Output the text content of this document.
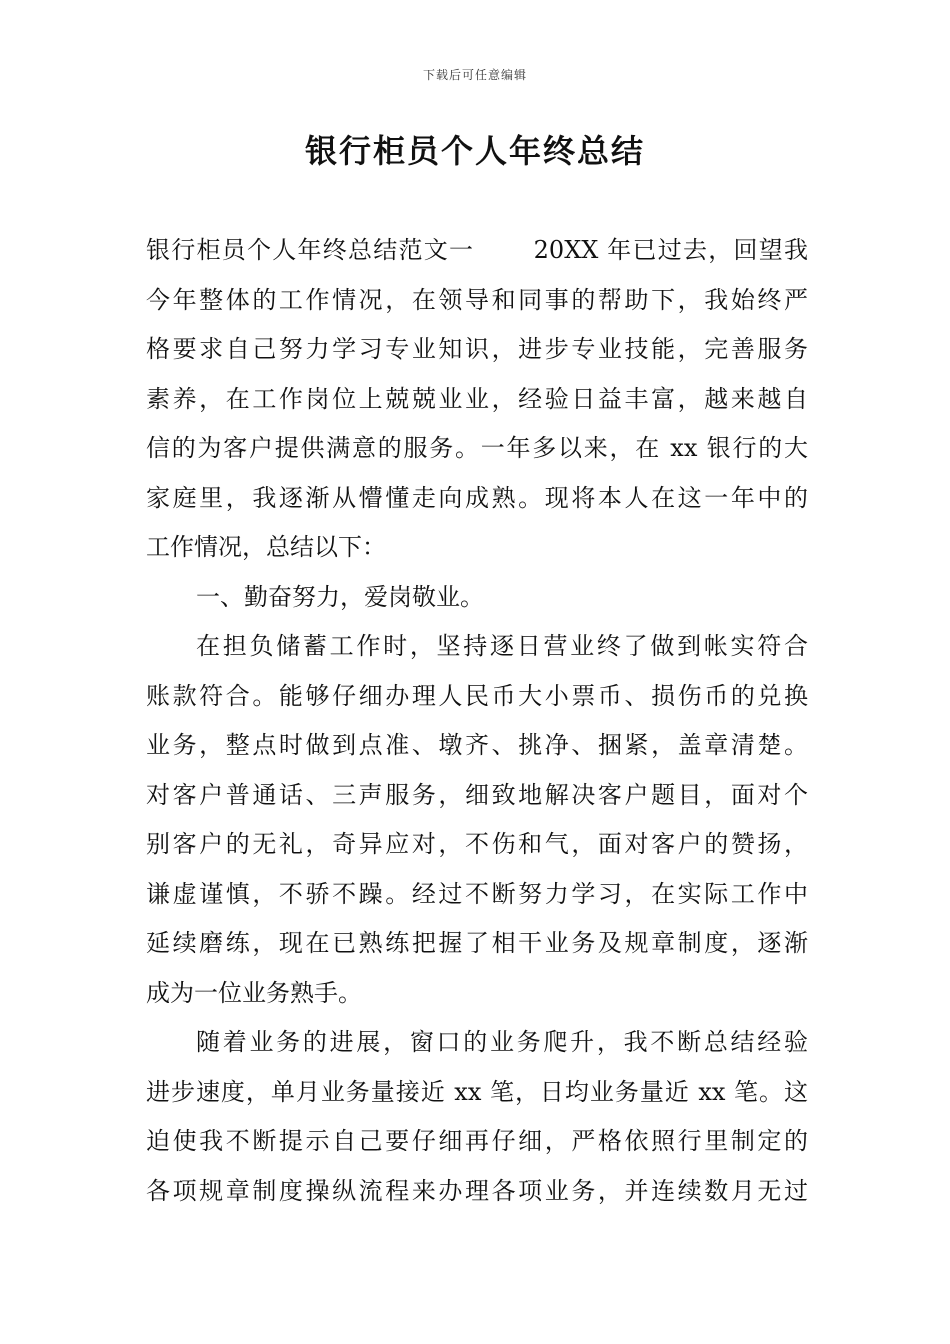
下载后可任意编辑
银行柜员个人年终总结
银行柜员个人年终总结范文一　　 20XX 年已过去，回望我
今年整体的工作情况，在领导和同事的帮助下，我始终严
格要求自己努力学习专业知识，进步专业技能，完善服务
素养，在工作岗位上兢兢业业，经验日益丰富，越来越自
信的为客户提供满意的服务。一年多以来，在 xx 银行的大
家庭里，我逐渐从懵懂走向成熟。现将本人在这一年中的
工作情况，总结以下：
一、勤奋努力，爱岗敬业。
在担负储蓄工作时，坚持逐日营业终了做到帐实符合
账款符合。能够仔细办理人民币大小票币、损伤币的兑换
业务，整点时做到点准、墩齐、挑净、捆紧，盖章清楚。
对客户普通话、三声服务，细致地解决客户题目，面对个
别客户的无礼，奇异应对，不伤和气，面对客户的赞扬，
谦虚谨慎，不骄不躁。经过不断努力学习，在实际工作中
延续磨练，现在已熟练把握了相干业务及规章制度，逐渐
成为一位业务熟手。
随着业务的进展，窗口的业务爬升，我不断总结经验
进步速度，单月业务量接近 xx 笔，日均业务量近 xx 笔。这
迫使我不断提示自己要仔细再仔细，严格依照行里制定的
各项规章制度操纵流程来办理各项业务，并连续数月无过
